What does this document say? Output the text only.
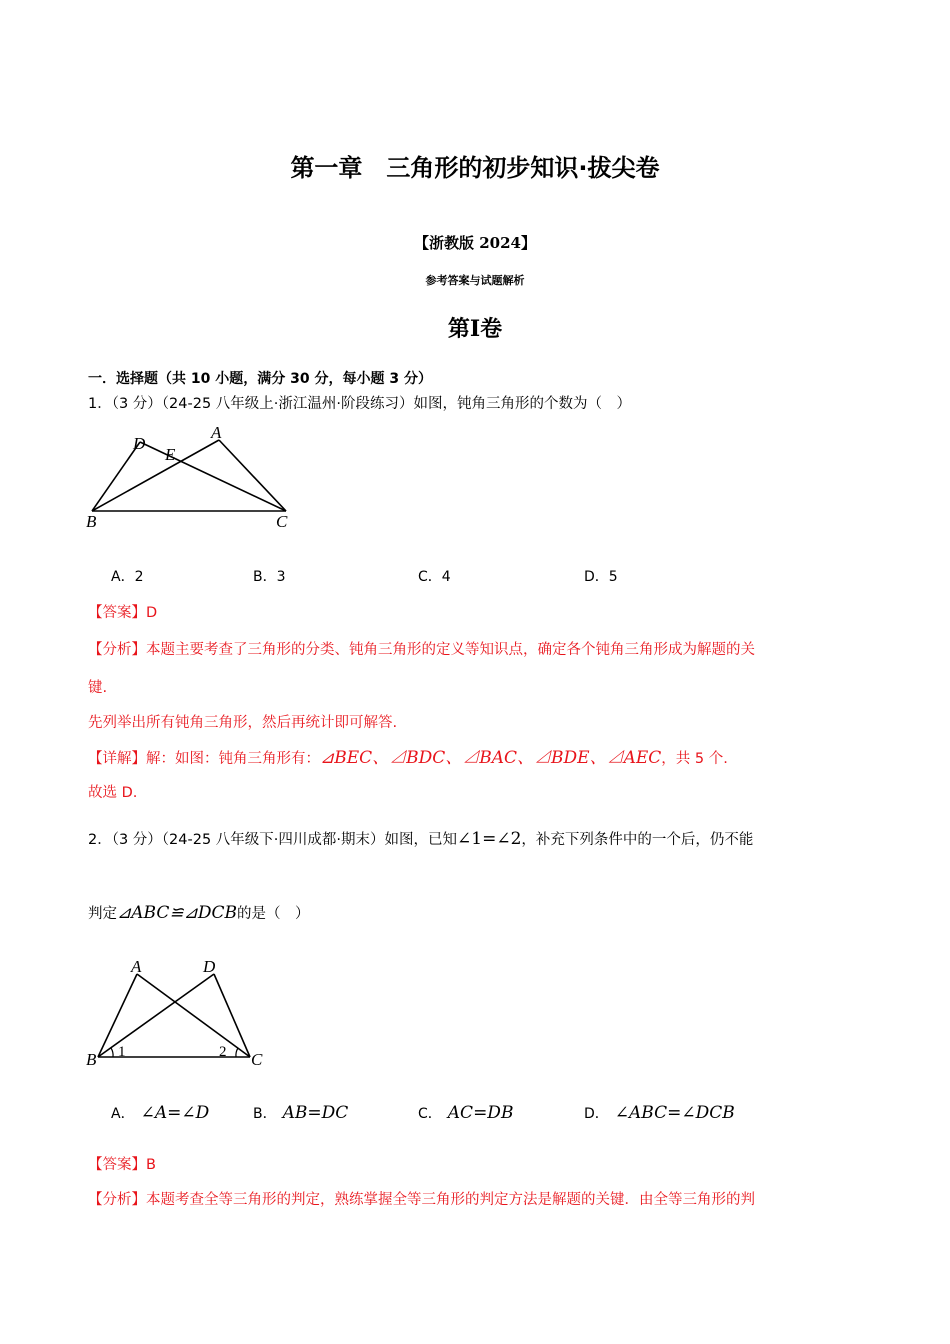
第一章　三角形的初步知识·拔尖卷
【浙教版 2024】
参考答案与试题解析
第Ⅰ卷
一．选择题（共 10 小题，满分 30 分，每小题 3 分）
1．（3 分）（24-25 八年级上·浙江温州·阶段练习）如图，钝角三角形的个数为（　）
D
E
A
B	C
A．2	B．3	C．4	D．5
【答案】D
【分析】本题主要考查了三角形的分类、钝角三角形的定义等知识点，确定各个钝角三角形成为解题的关
键.
先列举出所有钝角三角形，然后再统计即可解答.
【详解】解：如图：钝角三角形有：⊿BEC、⊿BDC、⊿BAC、⊿BDE、⊿AEC，共 5 个.
故选 D.
2．（3 分）（24-25 八年级下·四川成都·期末）如图，已知∠1=∠2，补充下列条件中的一个后，仍不能
判定⊿ABC≌⊿DCB的是（　）
A	D
B	C
1	2
A． ∠A=∠D	B． AB=DC	C． AC=DB	D． ∠ABC=∠DCB
【答案】B
【分析】本题考查全等三角形的判定，熟练掌握全等三角形的判定方法是解题的关键．由全等三角形的判
